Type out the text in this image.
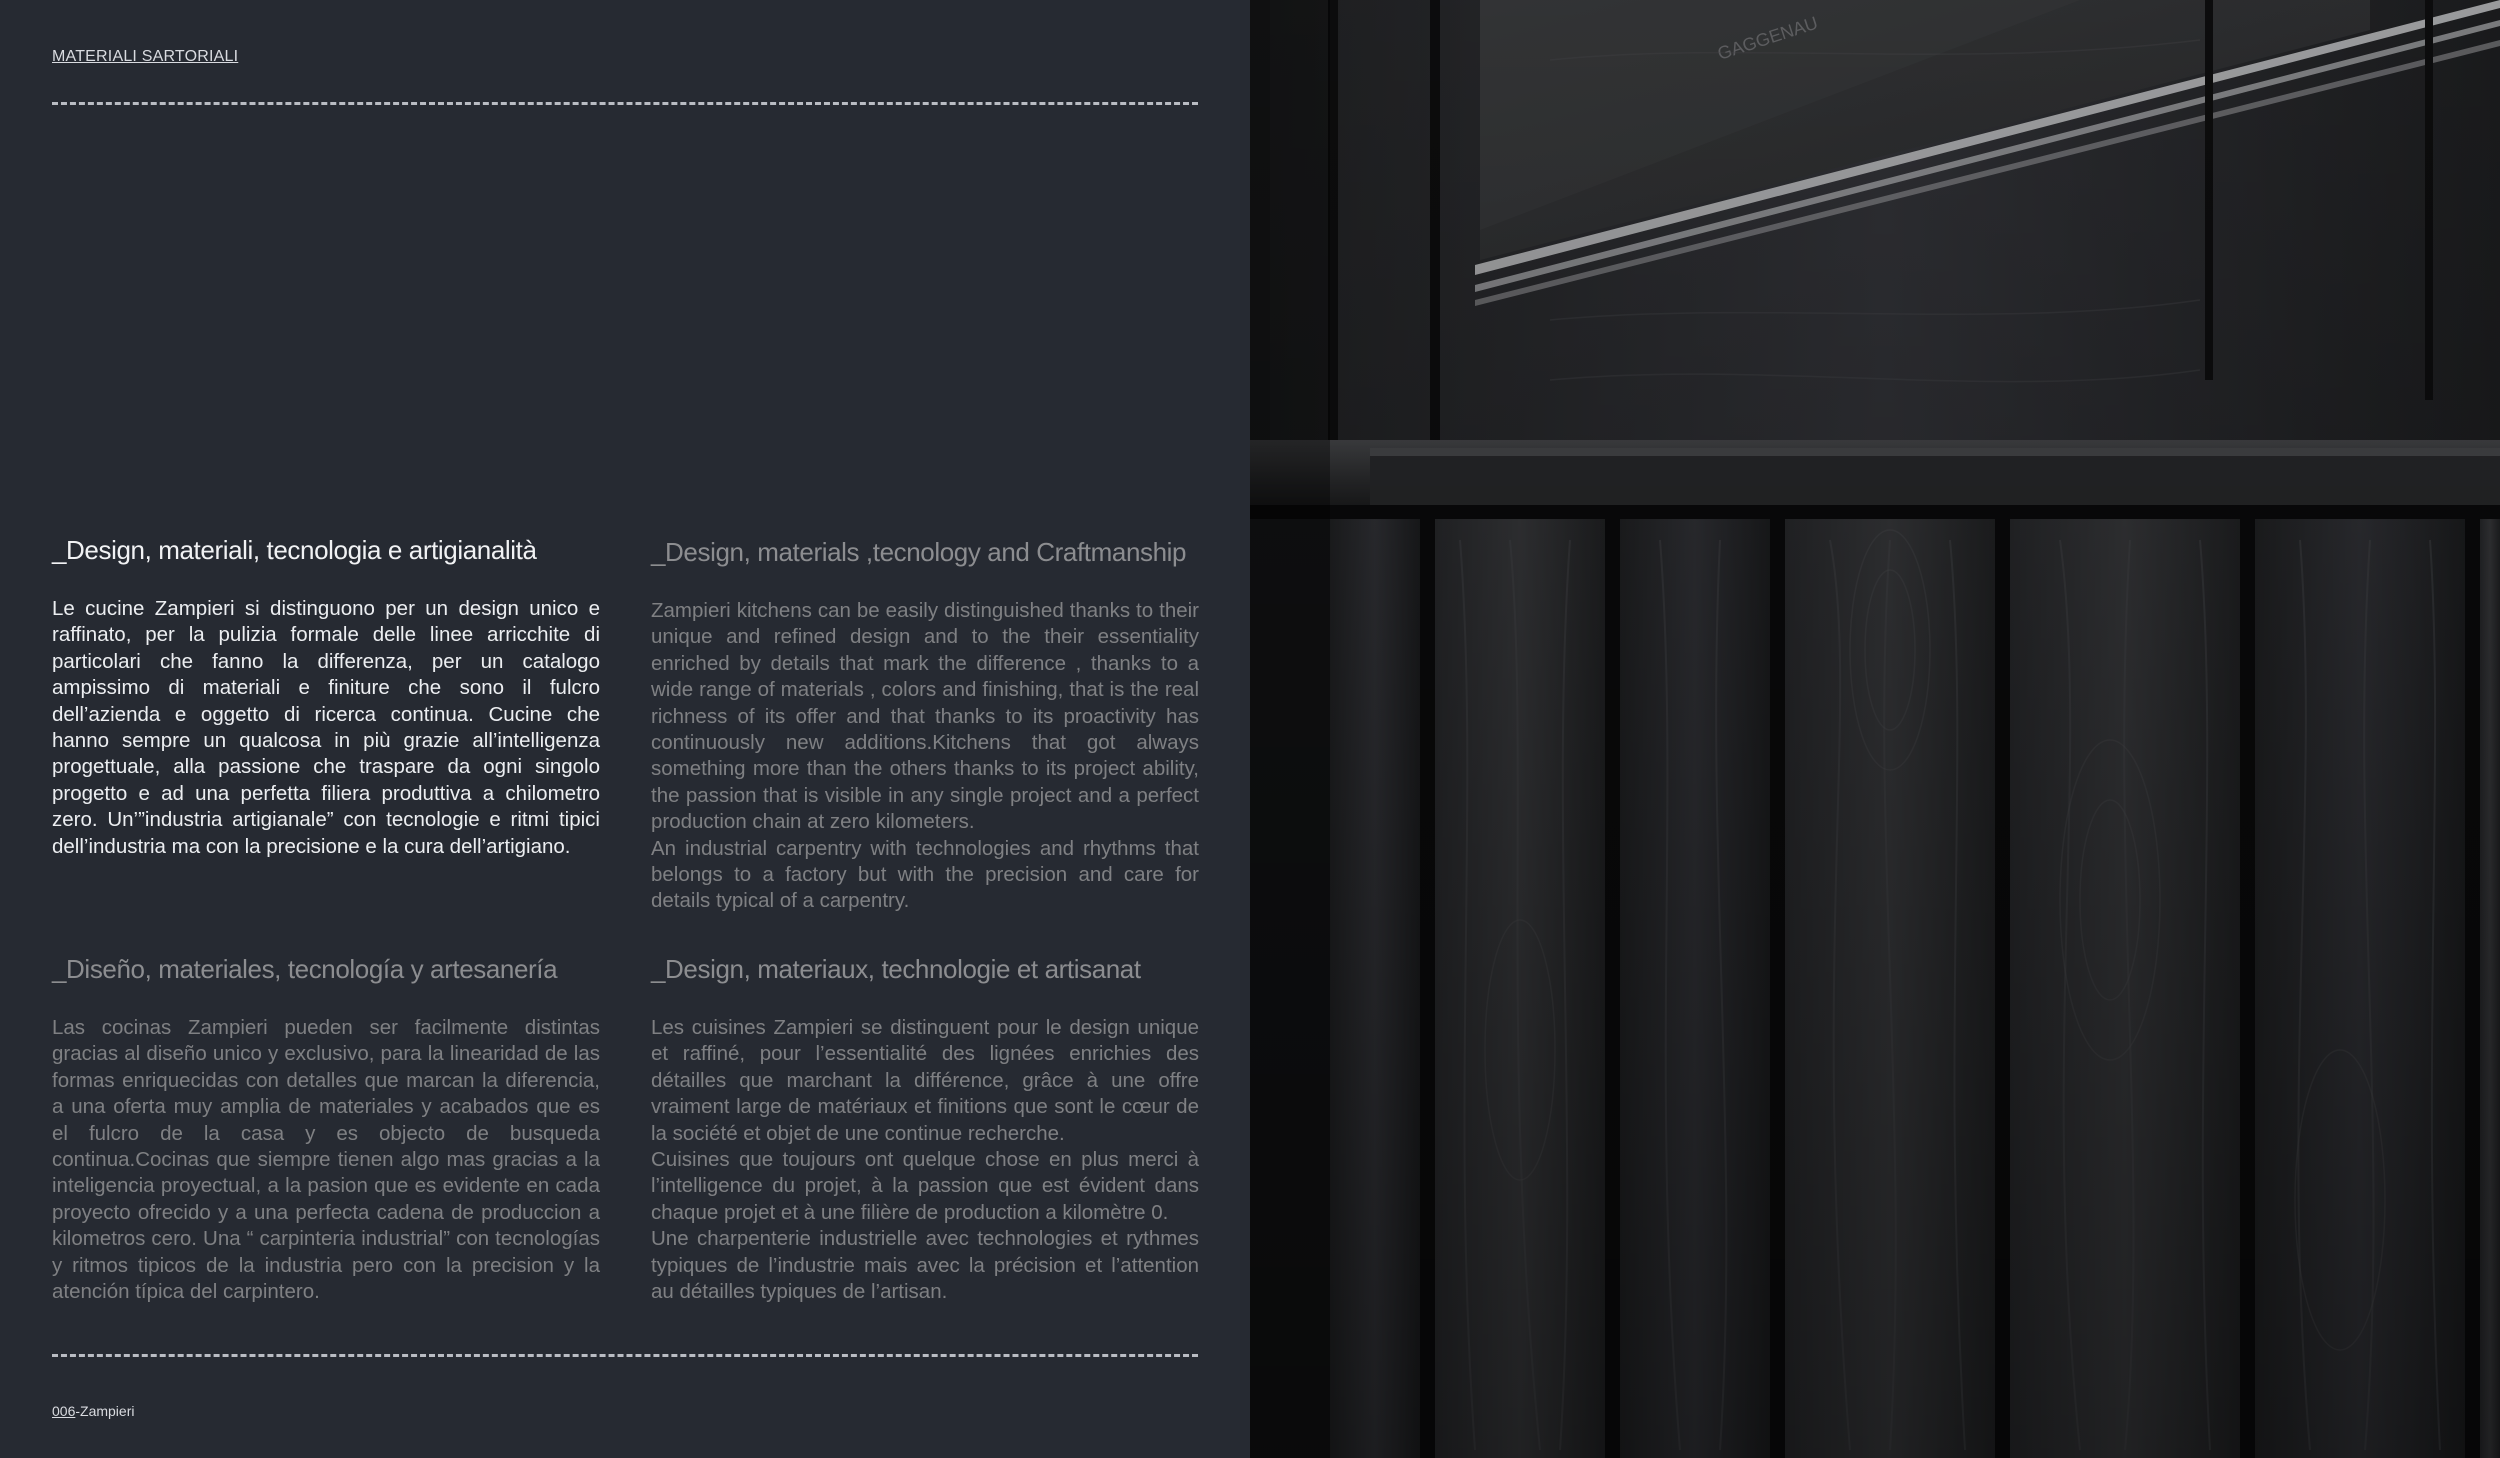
MATERIALI SARTORIALI
_Design, materiali, tecnologia e artigianalità

Le cucine Zampieri si distinguono per un design unico e raffinato, per la pulizia formale delle linee arricchite di particolari che fanno la differenza, per un catalogo ampissimo di materiali e finiture che sono il fulcro dell’azienda e oggetto di ricerca continua. Cucine che hanno sempre un qualcosa in più grazie all’intelligenza progettuale, alla passione che traspare da ogni singolo progetto e ad una perfetta filiera produttiva a chilometro zero. Un’”industria artigianale” con tecnologie e ritmi tipici dell’industria ma con la precisione e la cura dell’artigiano.

_Design, materials ,tecnology and Craftmanship

Zampieri kitchens can be easily distinguished thanks to their unique and refined design and to the their essentiality enriched by details that mark the difference , thanks to a wide range of materials , colors and finishing, that is the real richness of its offer and that thanks to its proactivity has continuously new additions.Kitchens that got always something more than the others thanks to its project ability, the passion that is visible in any single project and a perfect production chain at zero kilometers.
An industrial carpentry with technologies and rhythms that belongs to a factory but with the precision and care for details typical of a carpentry.

_Diseño, materiales, tecnología y artesanería

Las cocinas Zampieri pueden ser facilmente distintas gracias al diseño unico y exclusivo, para la linearidad de las formas enriquecidas con detalles que marcan la diferencia, a una oferta muy amplia de materiales y acabados que es el fulcro de la casa y es objecto de busqueda continua.Cocinas que siempre tienen algo mas gracias a la inteligencia proyectual, a la pasion que es evidente en cada proyecto ofrecido y a una perfecta cadena de produccion a kilometros cero. Una “ carpinteria industrial” con tecnologías y ritmos tipicos de la industria pero con la precision y la atención típica del carpintero.

_Design, materiaux, technologie et artisanat

Les cuisines Zampieri se distinguent pour le design unique et raffiné, pour l’essentialité des lignées enrichies des détailles que marchant la différence, grâce à une offre vraiment large de matériaux et finitions que sont le cœur de la société et objet de une continue recherche.
Cuisines que toujours ont quelque chose en plus merci à l’intelligence du projet, à la passion que est évident dans chaque projet et à une filière de production a kilomètre 0.
Une charpenterie industrielle avec technologies et rythmes typiques de l’industrie mais avec la précision et l’attention au détailles typiques de l’artisan.

006-Zampieri
